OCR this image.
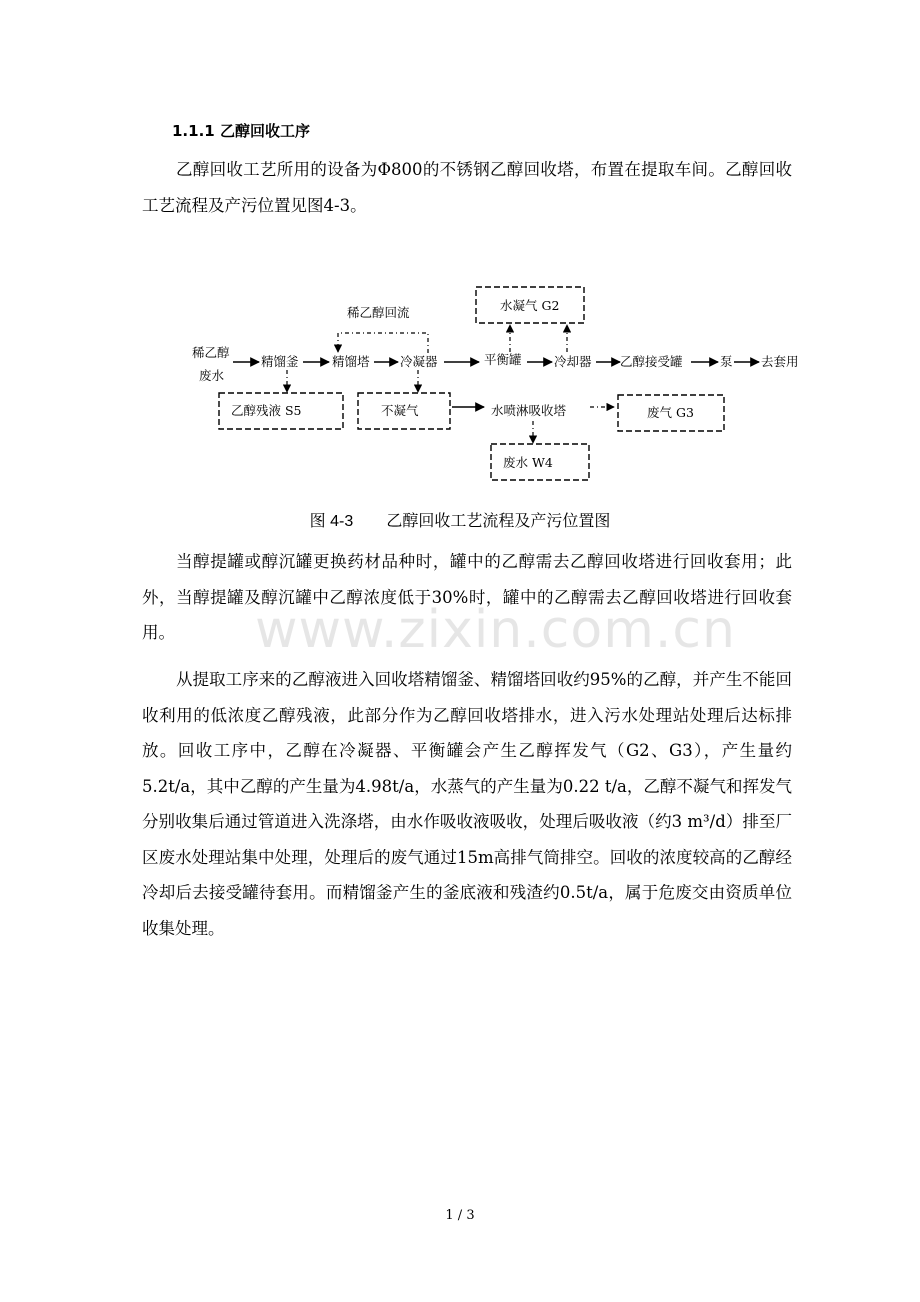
1.1.1 乙醇回收工序

乙醇回收工艺所用的设备为Φ800的不锈钢乙醇回收塔，布置在提取车间。乙醇回收工艺流程及产污位置见图4-3。

稀乙醇
废水
精馏釜	精馏塔 冷凝器	平衡罐	冷却器 乙醇接受罐	泵 去套用
稀乙醇回流	水凝气 G2
乙醇残液 S5	不凝气	水喷淋吸收塔	废气 G3
废水 W4

图 4-3 乙醇回收工艺流程及产污位置图

当醇提罐或醇沉罐更换药材品种时，罐中的乙醇需去乙醇回收塔进行回收套用；此外，当醇提罐及醇沉罐中乙醇浓度低于30%时，罐中的乙醇需去乙醇回收塔进行回收套用。	www.zixin.com.cn

从提取工序来的乙醇液进入回收塔精馏釜、精馏塔回收约95%的乙醇，并产生不能回收利用的低浓度乙醇残液，此部分作为乙醇回收塔排水，进入污水处理站处理后达标排放。回收工序中，乙醇在冷凝器、平衡罐会产生乙醇挥发气（G2、G3），产生量约5.2t/a，其中乙醇的产生量为4.98t/a，水蒸气的产生量为0.22 t/a，乙醇不凝气和挥发气分别收集后通过管道进入洗涤塔，由水作吸收液吸收，处理后吸收液（约3 m³/d）排至厂区废水处理站集中处理，处理后的废气通过15m高排气筒排空。回收的浓度较高的乙醇经冷却后去接受罐待套用。而精馏釜产生的釜底液和残渣约0.5t/a，属于危废交由资质单位收集处理。

1 / 3
